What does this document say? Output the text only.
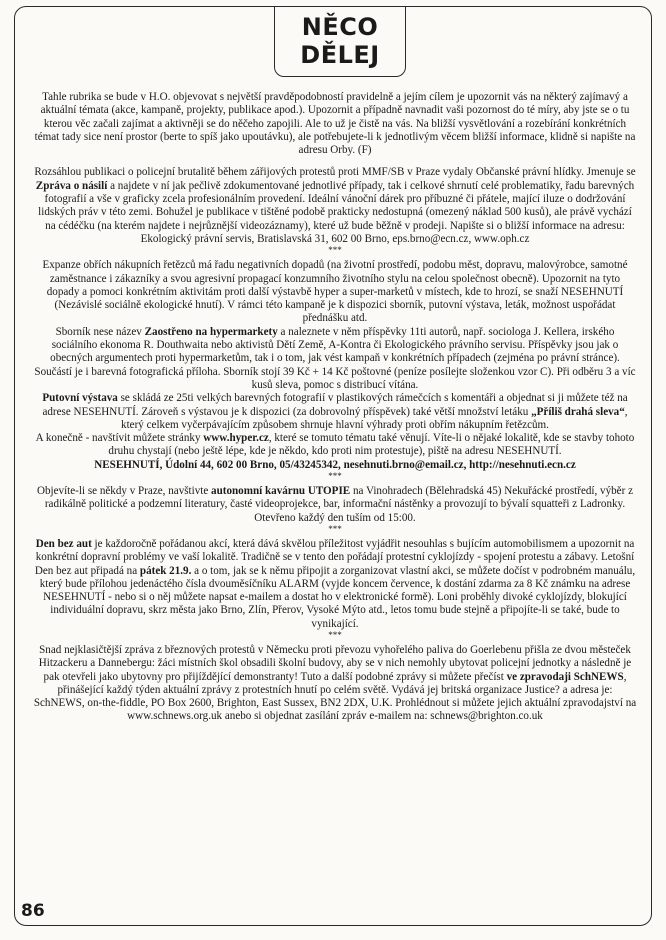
NĚCO
DĚLEJ

Tahle rubrika se bude v H.O. objevovat s největší pravděpodobností pravidelně a jejím cílem je upozornit vás na některý zajímavý a aktuální témata (akce, kampaně, projekty, publikace apod.). Upozornit a případně navnadit vaši pozornost do té míry, aby jste se o tu kterou věc začali zajímat a aktivněji se do něčeho zapojili. Ale to už je čistě na vás. Na bližší vysvětlování a rozebírání konkrétních témat tady sice není prostor (berte to spíš jako upoutávku), ale potřebujete-li k jednotlivým věcem bližší informace, klidně si napište na adresu Orby. (F)

Rozsáhlou publikaci o policejní brutalitě během zářijových protestů proti MMF/SB v Praze vydaly Občanské právní hlídky. Jmenuje se Zpráva o násilí a najdete v ní jak pečlivě zdokumentované jednotlivé případy, tak i celkové shrnutí celé problematiky, řadu barevných fotografií a vše v graficky zcela profesionálním provedení. Ideální vánoční dárek pro příbuzné či přátele, mající iluze o dodržování lidských práv v této zemi. Bohužel je publikace v tištěné podobě prakticky nedostupná (omezený náklad 500 kusů), ale právě vychází na cédéčku (na kterém najdete i nejrůznější videozáznamy), které už bude běžně v prodeji. Napište si o bližší informace na adresu: Ekologický právní servis, Bratislavská 31, 602 00 Brno, eps.brno@ecn.cz, www.oph.cz

***

Expanze obřích nákupních řetězců má řadu negativních dopadů (na životní prostředí, podobu měst, dopravu, malovýrobce, samotné zaměstnance i zákazníky a svou agresivní propagací konzumního životního stylu na celou společnost obecně). Upozornit na tyto dopady a pomoci konkrétním aktivitám proti další výstavbě hyper a super-marketů v místech, kde to hrozí, se snaží NESEHNUTÍ (Nezávislé sociálně ekologické hnutí). V rámci této kampaně je k dispozici sborník, putovní výstava, leták, možnost uspořádat přednášku atd.

Sborník nese název Zaostřeno na hypermarkety a naleznete v něm příspěvky 11ti autorů, např. sociologa J. Kellera, irského sociálního ekonoma R. Douthwaita nebo aktivistů Dětí Země, A-Kontra či Ekologického právního servisu. Příspěvky jsou jak o obecných argumentech proti hypermarketům, tak i o tom, jak vést kampaň v konkrétních případech (zejména po právní stránce). Součástí je i barevná fotografická příloha. Sborník stojí 39 Kč + 14 Kč poštovné (peníze posílejte složenkou vzor C). Při odběru 3 a víc kusů sleva, pomoc s distribucí vítána.

Putovní výstava se skládá ze 25ti velkých barevných fotografií v plastikových rámečcích s komentáři a objednat si ji můžete též na adrese NESEHNUTÍ. Zároveň s výstavou je k dispozici (za dobrovolný příspěvek) také větší množství letáku „Příliš drahá sleva“, který celkem vyčerpávajícím způsobem shrnuje hlavní výhrady proti obřím nákupním řetězcům.

A konečně - navštívit můžete stránky www.hyper.cz, které se tomuto tématu také věnují. Víte-li o nějaké lokalitě, kde se stavby tohoto druhu chystají (nebo ještě lépe, kde je někdo, kdo proti nim protestuje), piště na adresu NESEHNUTÍ.

NESEHNUTÍ, Údolní 44, 602 00 Brno, 05/43245342, nesehnuti.brno@email.cz, http://nesehnuti.ecn.cz

***

Objevíte-li se někdy v Praze, navštivte autonomní kavárnu UTOPIE na Vinohradech (Bělehradská 45) Nekuřácké prostředí, výběr z radikálně politické a podzemní literatury, časté videoprojekce, bar, informační nástěnky a provozují to bývalí squatteři z Ladronky. Otevřeno každý den tuším od 15:00.

***

Den bez aut je každoročně pořádanou akcí, která dává skvělou příležitost vyjádřit nesouhlas s bujícím automobilismem a upozornit na konkrétní dopravní problémy ve vaší lokalitě. Tradičně se v tento den pořádají protestní cyklojízdy - spojení protestu a zábavy. Letošní Den bez aut připadá na pátek 21.9. a o tom, jak se k němu připojit a zorganizovat vlastní akci, se můžete dočíst v podrobném manuálu, který bude přílohou jedenáctého čísla dvouměsíčníku ALARM (vyjde koncem července, k dostání zdarma za 8 Kč známku na adrese NESEHNUTÍ - nebo si o něj můžete napsat e-mailem a dostat ho v elektronické formě). Loni proběhly divoké cyklojízdy, blokující individuální dopravu, skrz města jako Brno, Zlín, Přerov, Vysoké Mýto atd., letos tomu bude stejně a připojíte-li se také, bude to vynikající.

***

Snad nejklasičtější zpráva z březnových protestů v Německu proti převozu vyhořelého paliva do Goerlebenu přišla ze dvou městeček Hitzackeru a Dannebergu: žáci místních škol obsadili školní budovy, aby se v nich nemohly ubytovat policejní jednotky a následně je pak otevřeli jako ubytovny pro přijíždějící demonstranty! Tuto a další podobné zprávy si můžete přečíst ve zpravodaji SchNEWS, přinášející každý týden aktuální zprávy z protestních hnutí po celém světě. Vydává jej britská organizace Justice? a adresa je: SchNEWS, on-the-fiddle, PO Box 2600, Brighton, East Sussex, BN2 2DX, U.K. Prohlédnout si můžete jejich aktuální zpravodajství na www.schnews.org.uk anebo si objednat zasílání zpráv e-mailem na: schnews@brighton.co.uk

86
